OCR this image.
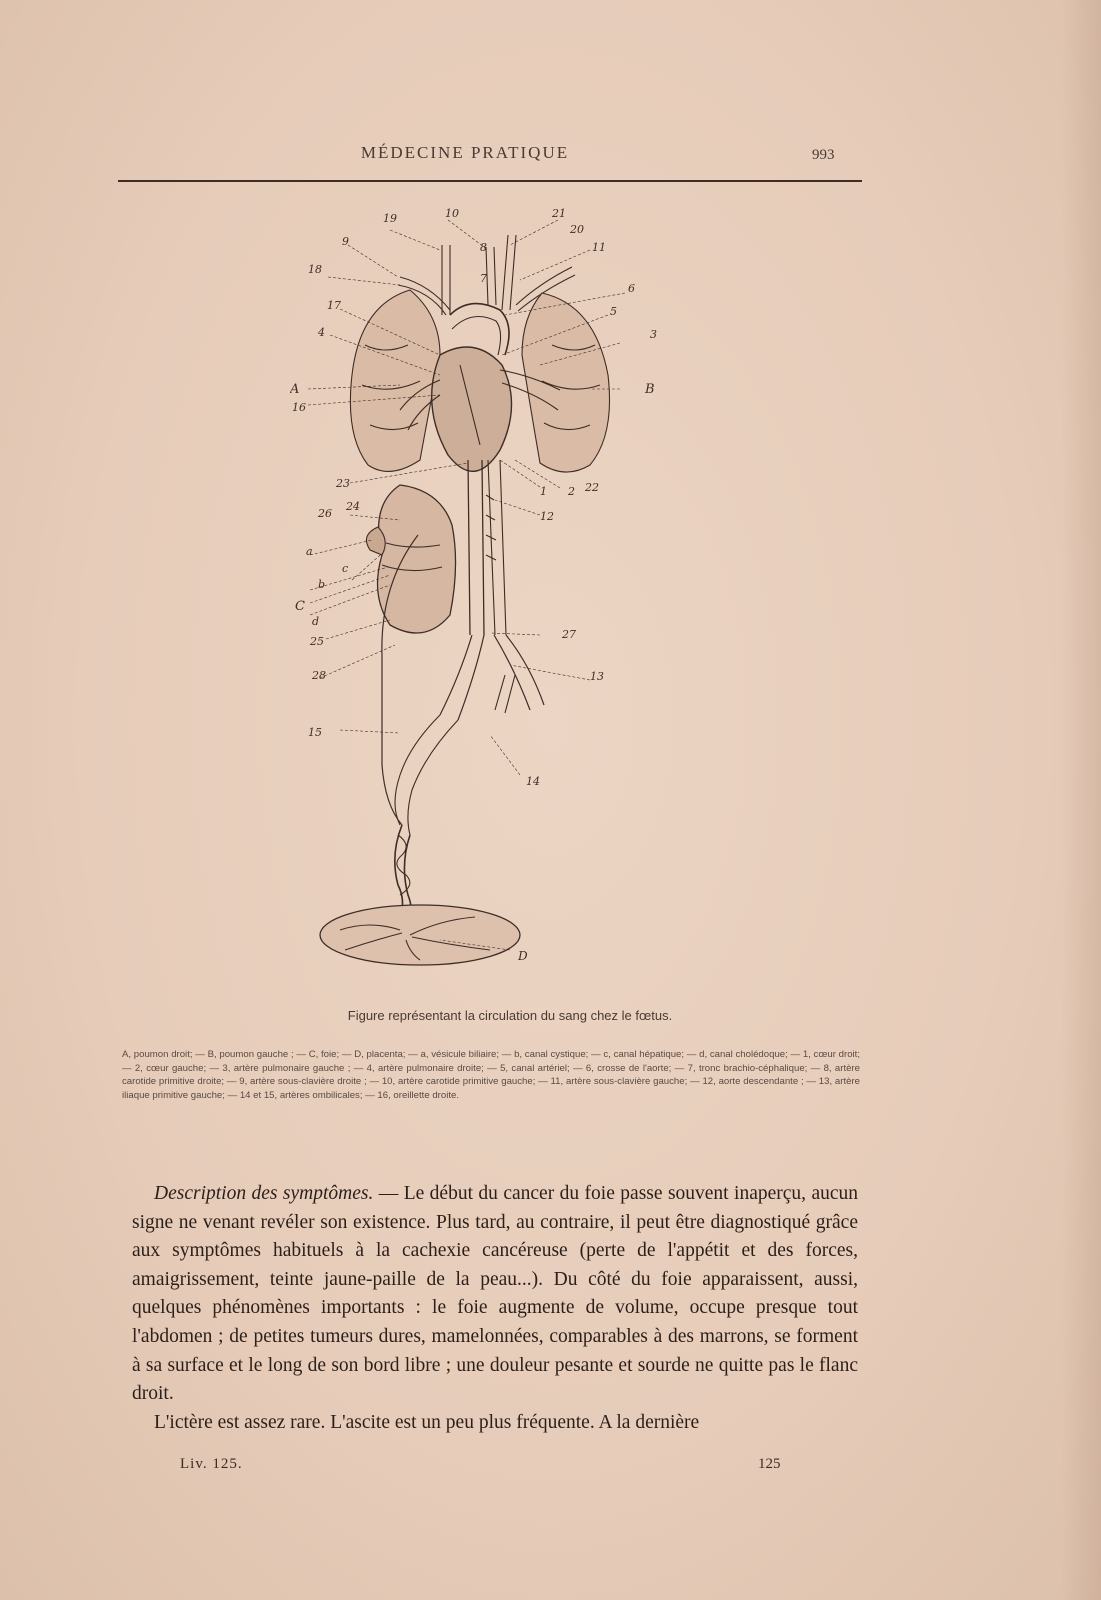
MÉDECINE PRATIQUE	993
19	10	21
20
9	8	11
18
7
6
17	5
4	3
A	B
16
23
1 2 22
26
24
12
a
c
b
C
d
25
27
28	13
15
14
D
Figure représentant la circulation du sang chez le fœtus.
A, poumon droit; — B, poumon gauche ; — C, foie; — D, placenta; — a, vésicule biliaire; — b, canal cystique; — c, canal hépatique; — d, canal cholédoque; — 1, cœur droit; — 2, cœur gauche; — 3, artère pulmonaire gauche ; — 4, artère pulmonaire droite; — 5, canal artériel; — 6, crosse de l'aorte; — 7, tronc brachio-céphalique; — 8, artère carotide primitive droite; — 9, artère sous-clavière droite ; — 10, artère carotide primitive gauche; — 11, artère sous-clavière gauche; — 12, aorte descendante ; — 13, artère iliaque primitive gauche; — 14 et 15, artères ombilicales; — 16, oreillette droite.

Description des symptômes. — Le début du cancer du foie passe souvent inaperçu, aucun signe ne venant revéler son existence. Plus tard, au contraire, il peut être diagnostiqué grâce aux symptômes habituels à la cachexie cancéreuse (perte de l'appétit et des forces, amaigrissement, teinte jaune-paille de la peau...). Du côté du foie apparaissent, aussi, quelques phénomènes importants : le foie augmente de volume, occupe presque tout l'abdomen ; de petites tumeurs dures, mamelonnées, comparables à des marrons, se forment à sa surface et le long de son bord libre ; une douleur pesante et sourde ne quitte pas le flanc droit.

L'ictère est assez rare. L'ascite est un peu plus fréquente. A la dernière

Liv. 125.	125
